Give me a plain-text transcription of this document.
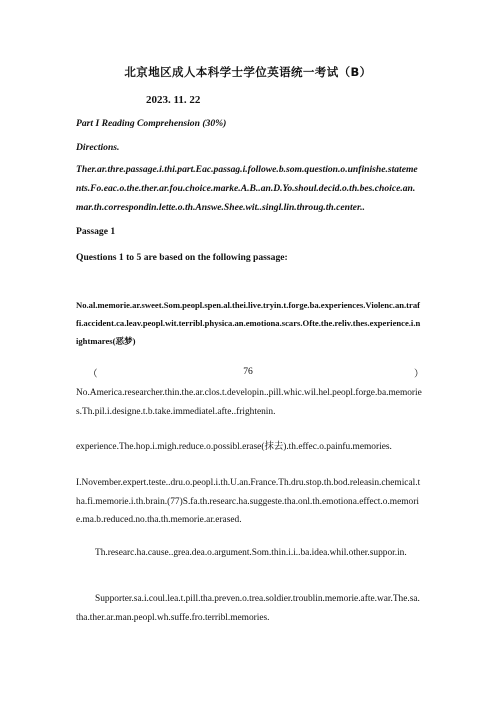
北京地区成人本科学士学位英语统一考试（B）
2023. 11. 22
Part I Reading Comprehension (30%)
Directions.

Ther.ar.thre.passage.i.thi.part.Eac.passag.i.followe.b.som.question.o.unfinishe.statements.Fo.eac.o.the.ther.ar.fou.choice.marke.A.B..an.D.Yo.shoul.decid.o.th.bes.choice.an.mar.th.correspondin.lette.o.th.Answe.Shee.wit..singl.lin.throug.th.center..

Passage 1
Questions 1 to 5 are based on the following passage:

No.al.memorie.ar.sweet.Som.peopl.spen.al.thei.live.tryin.t.forge.ba.experiences.Violenc.an.traffi.accident.ca.leav.peopl.wit.terribl.physica.an.emotiona.scars.Ofte.the.reliv.thes.experience.i.nightmares(恶梦)

（	76	）

No.America.researcher.thin.the.ar.clos.t.developin..pill.whic.wil.hel.peopl.forge.ba.memories.Th.pil.i.designe.t.b.take.immediatel.afte..frightenin.

experience.The.hop.i.migh.reduce.o.possibl.erase(抹去).th.effec.o.painfu.memories.

I.November.expert.teste..dru.o.peopl.i.th.U.an.France.Th.dru.stop.th.bod.releasin.chemical.tha.fi.memorie.i.th.brain.(77)S.fa.th.researc.ha.suggeste.tha.onl.th.emotiona.effect.o.memorie.ma.b.reduced.no.tha.th.memorie.ar.erased.

Th.researc.ha.cause..grea.dea.o.argument.Som.thin.i.i..ba.idea.whil.other.suppor.in.

Supporter.sa.i.coul.lea.t.pill.tha.preven.o.trea.soldier.troublin.memorie.afte.war.The.sa.tha.ther.ar.man.peopl.wh.suffe.fro.terribl.memories.
